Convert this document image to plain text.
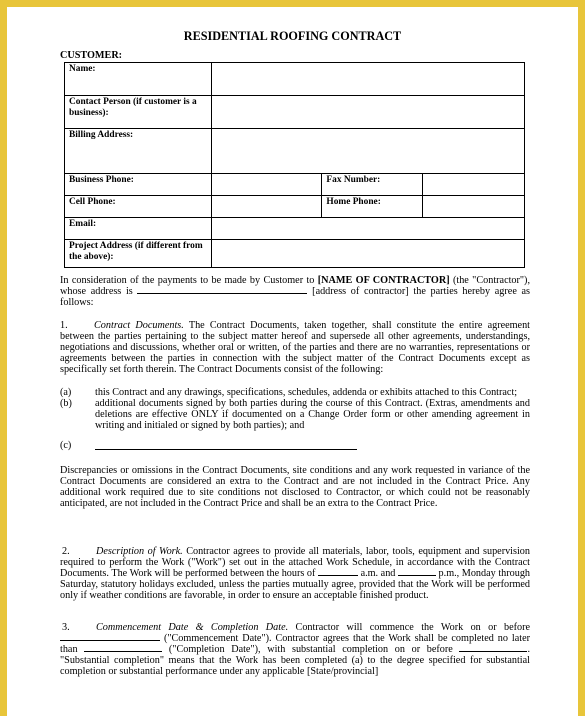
RESIDENTIAL ROOFING CONTRACT
CUSTOMER:
Name:			
Contact Person (if customer is a business):			
Billing Address:			
Business Phone:		Fax Number:	
Cell Phone:		Home Phone:	
Email:			
Project Address (if different from the above):			

In consideration of the payments to be made by Customer to [NAME OF CONTRACTOR] (the "Contractor"), whose address is	[address of contractor] the parties hereby agree as follows:

1.	Contract Documents. The Contract Documents, taken together, shall constitute the entire agreement between the parties pertaining to the subject matter hereof and supersede all other agreements, understandings, negotiations and discussions, whether oral or written, of the parties and there are no warranties, representations or agreements between the parties in connection with the subject matter of the Contract Documents except as specifically set forth therein. The Contract Documents consist of the following:

(a) this Contract and any drawings, specifications, schedules, addenda or exhibits attached to this Contract;
(b) additional documents signed by both parties during the course of this Contract. (Extras, amendments and deletions are effective ONLY if documented on a Change Order form or other amending agreement in writing and initialed or signed by both parties); and
(c)

Discrepancies or omissions in the Contract Documents, site conditions and any work requested in variance of the Contract Documents are considered an extra to the Contract and are not included in the Contract Price. Any additional work required due to site conditions not disclosed to Contractor, or which could not be reasonably anticipated, are not included in the Contract Price and shall be an extra to the Contract Price.

2.	Description of Work. Contractor agrees to provide all materials, labor, tools, equipment and supervision required to perform the Work ("Work") set out in the attached Work Schedule, in accordance with the Contract Documents. The Work will be performed between the hours of	a.m. and	p.m., Monday through Saturday, statutory holidays excluded, unless the parties mutually agree, provided that the Work will be performed only if weather conditions are favorable, in order to ensure an acceptable finished product.

3.	Commencement Date & Completion Date. Contractor will commence the Work on or before  ("Commencement Date"). Contractor agrees that the Work shall be completed no later than	("Completion Date"), with substantial completion on or before	. "Substantial completion" means that the Work has been completed (a) to the degree specified for substantial completion or substantial performance under any applicable [State/provincial]
